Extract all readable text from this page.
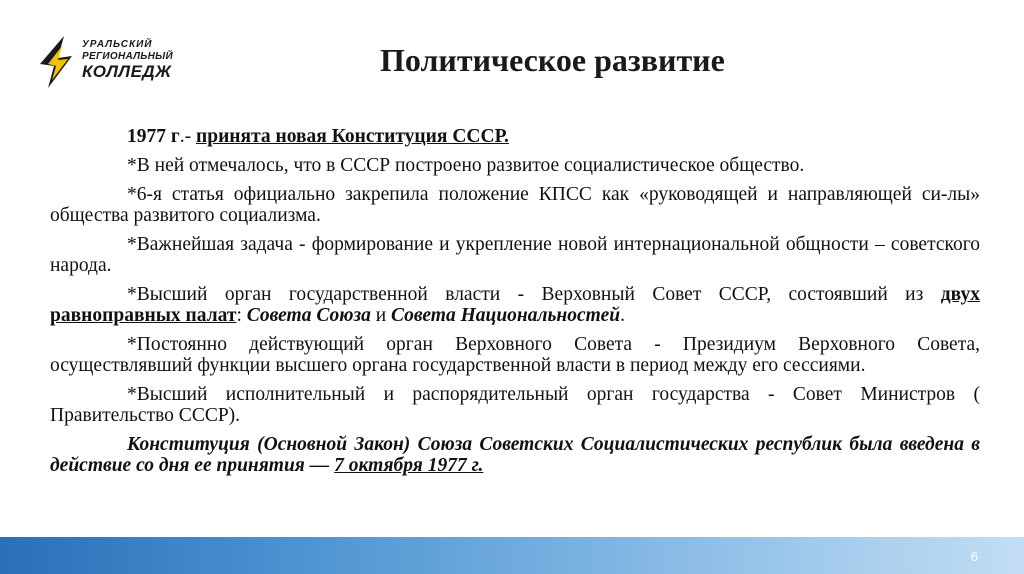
УРАЛЬСКИЙ
РЕГИОНАЛЬНЫЙ
КОЛЛЕДЖ	Политическое развитие

1977 г.- принята новая Конституция СССР.

*В ней отмечалось, что в СССР построено развитое социалистическое общество.

*6-я статья официально закрепила положение КПСС как «руководящей и направляющей си-лы» общества развитого социализма.

*Важнейшая задача - формирование и укрепление новой интернациональной общности – советского народа.

*Высший орган государственной власти - Верховный Совет СССР, состоявший из двух равноправных палат: Совета Союза и Совета Национальностей.

*Постоянно действующий орган Верховного Совета - Президиум Верховного Совета, осуществлявший функции высшего органа государственной власти в период между его сессиями.

*Высший исполнительный и распорядительный орган государства - Совет Министров ( Правительство СССР).

Конституция (Основной Закон) Союза Советских Социалистических республик была введена в действие со дня ее принятия — 7 октября 1977 г.

6
